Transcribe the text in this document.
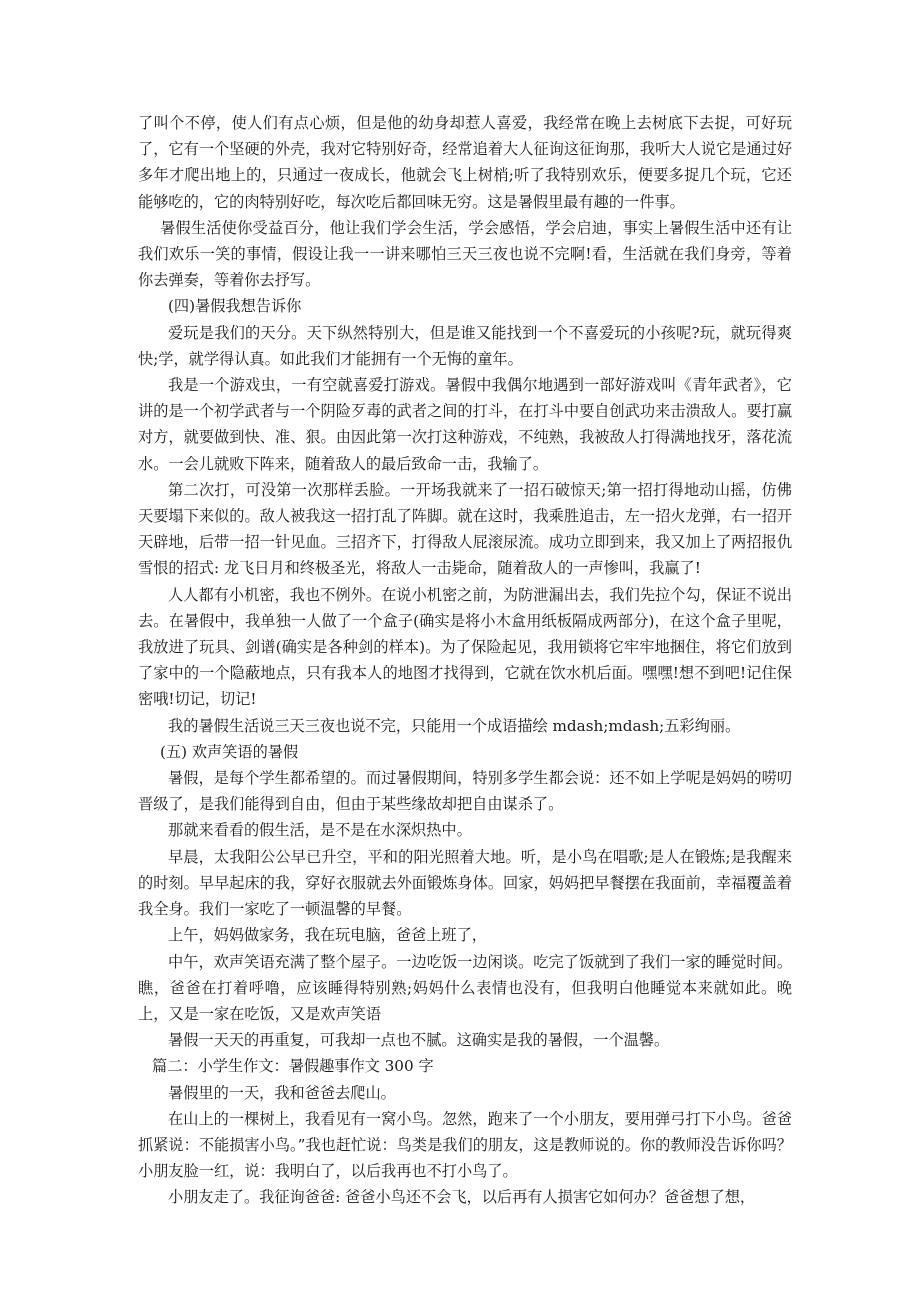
了叫个不停，使人们有点心烦，但是他的幼身却惹人喜爱，我经常在晚上去树底下去捉，可好玩了，它有一个坚硬的外壳，我对它特别好奇，经常追着大人征询这征询那，我听大人说它是通过好多年才爬出地上的，只通过一夜成长，他就会飞上树梢;听了我特别欢乐，便要多捉几个玩，它还能够吃的，它的肉特别好吃，每次吃后都回味无穷。这是暑假里最有趣的一件事。

暑假生活使你受益百分，他让我们学会生活，学会感悟，学会启迪，事实上暑假生活中还有让我们欢乐一笑的事情，假设让我一一讲来哪怕三天三夜也说不完啊!看，生活就在我们身旁，等着你去弹奏，等着你去抒写。

(四)暑假我想告诉你

爱玩是我们的天分。天下纵然特别大，但是谁又能找到一个不喜爱玩的小孩呢?玩，就玩得爽快;学，就学得认真。如此我们才能拥有一个无悔的童年。

我是一个游戏虫，一有空就喜爱打游戏。暑假中我偶尔地遇到一部好游戏叫《青年武者》，它讲的是一个初学武者与一个阴险歹毒的武者之间的打斗，在打斗中要自创武功来击溃敌人。要打赢对方，就要做到快、准、狠。由因此第一次打这种游戏，不纯熟，我被敌人打得满地找牙，落花流水。一会儿就败下阵来，随着敌人的最后致命一击，我输了。

第二次打，可没第一次那样丢脸。一开场我就来了一招石破惊天;第一招打得地动山摇，仿佛天要塌下来似的。敌人被我这一招打乱了阵脚。就在这时，我乘胜追击，左一招火龙弹，右一招开天辟地，后带一招一针见血。三招齐下，打得敌人屁滚尿流。成功立即到来，我又加上了两招报仇雪恨的招式: 龙飞日月和终极圣光，将敌人一击毙命，随着敌人的一声惨叫，我赢了!

人人都有小机密，我也不例外。在说小机密之前，为防泄漏出去，我们先拉个勾，保证不说出去。在暑假中，我单独一人做了一个盒子(确实是将小木盒用纸板隔成两部分)，在这个盒子里呢，我放进了玩具、剑谱(确实是各种剑的样本)。为了保险起见，我用锁将它牢牢地捆住，将它们放到了家中的一个隐蔽地点，只有我本人的地图才找得到，它就在饮水机后面。嘿嘿!想不到吧!记住保密哦!切记，切记!

我的暑假生活说三天三夜也说不完，只能用一个成语描绘 mdash;mdash;五彩绚丽。

(五) 欢声笑语的暑假

暑假，是每个学生都希望的。而过暑假期间，特别多学生都会说：还不如上学呢是妈妈的唠叨晋级了，是我们能得到自由，但由于某些缘故却把自由谋杀了。

那就来看看的假生活，是不是在水深炽热中。

早晨，太我阳公公早已升空，平和的阳光照着大地。听，是小鸟在唱歌;是人在锻炼;是我醒来的时刻。早早起床的我，穿好衣服就去外面锻炼身体。回家，妈妈把早餐摆在我面前，幸福覆盖着我全身。我们一家吃了一顿温馨的早餐。

上午，妈妈做家务，我在玩电脑，爸爸上班了，

中午，欢声笑语充满了整个屋子。一边吃饭一边闲谈。吃完了饭就到了我们一家的睡觉时间。瞧，爸爸在打着呼噜，应该睡得特别熟;妈妈什么表情也没有，但我明白他睡觉本来就如此。晚上，又是一家在吃饭，又是欢声笑语

暑假一天天的再重复，可我却一点也不腻。这确实是我的暑假，一个温馨。

篇二：小学生作文：暑假趣事作文 300 字

暑假里的一天，我和爸爸去爬山。

在山上的一棵树上，我看见有一窝小鸟。忽然，跑来了一个小朋友，要用弹弓打下小鸟。爸爸抓紧说：不能损害小鸟。”我也赶忙说：鸟类是我们的朋友，这是教师说的。你的教师没告诉你吗？小朋友脸一红，说：我明白了，以后我再也不打小鸟了。

小朋友走了。我征询爸爸: 爸爸小鸟还不会飞，以后再有人损害它如何办？爸爸想了想，
